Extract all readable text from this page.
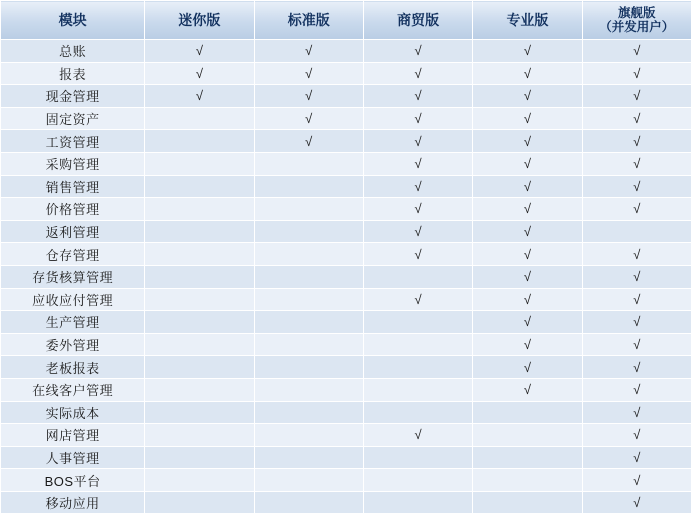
模块	迷你版	标准版	商贸版	专业版	旗舰版
（并发用户）

总账	√	√	√	√	√
报表	√	√	√	√	√
现金管理	√	√	√	√	√
固定资产		√	√	√	√
工资管理		√	√	√	√
采购管理			√	√	√
销售管理			√	√	√
价格管理			√	√	√
返利管理			√	√	
仓存管理			√	√	√
存货核算管理				√	√
应收应付管理			√	√	√
生产管理				√	√
委外管理				√	√
老板报表				√	√
在线客户管理				√	√
实际成本					√
网店管理			√		√
人事管理					√
BOS平台					√
移动应用					√
